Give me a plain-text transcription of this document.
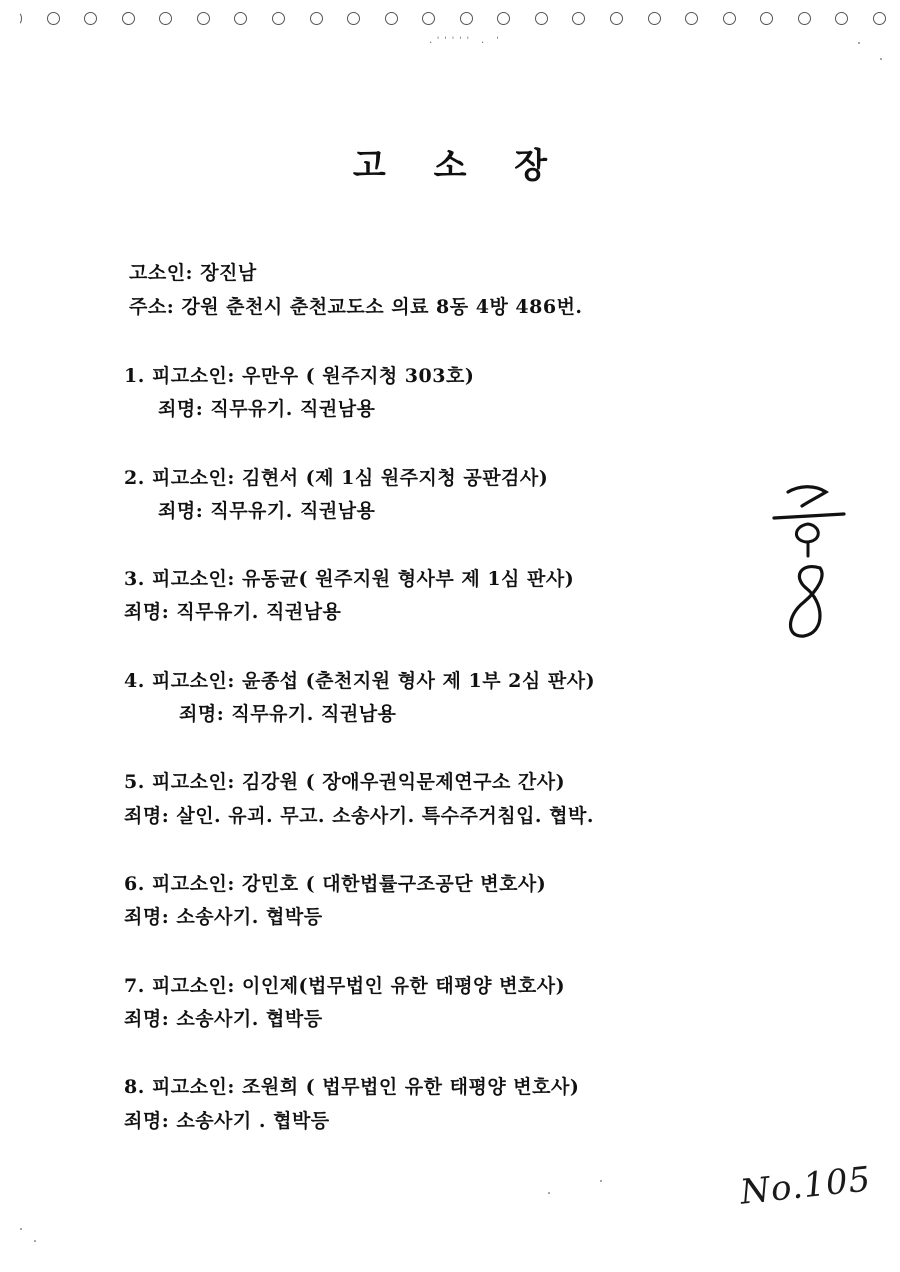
고 소 장
고소인: 장진남
주소: 강원 춘천시 춘천교도소 의료 8동 4방 486번.
1. 피고소인: 우만우 ( 원주지청 303호)
죄명: 직무유기. 직권남용
2. 피고소인: 김현서 (제 1심 원주지청 공판검사)
죄명: 직무유기. 직권남용
3. 피고소인: 유동균( 원주지원 형사부 제 1심 판사)
죄명: 직무유기. 직권남용
4. 피고소인: 윤종섭 (춘천지원 형사 제 1부 2심 판사)
죄명: 직무유기. 직권남용
5. 피고소인: 김강원 ( 장애우권익문제연구소 간사)
죄명: 살인. 유괴. 무고. 소송사기. 특수주거침입. 협박.
6. 피고소인: 강민호 ( 대한법률구조공단 변호사)
죄명: 소송사기. 협박등
7. 피고소인: 이인제(법무법인 유한 태평양 변호사)
죄명: 소송사기. 협박등
8. 피고소인: 조원희 ( 법무법인 유한 태평양 변호사)
죄명: 소송사기 . 협박등
No.105
.''''' . '
